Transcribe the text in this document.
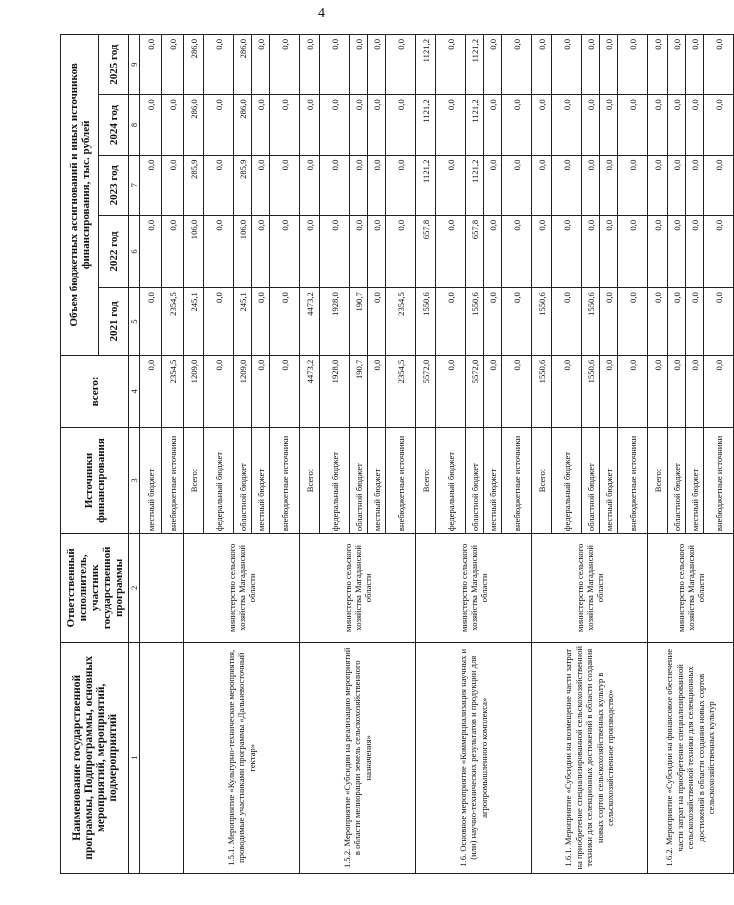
4
Наименование государственной программы, Подпрограммы, основных мероприятий, мероприятий, подмероприятий	Ответственный исполнитель, участник государственной программы	Источники финансирования	всего:	Объем бюджетных ассигнований и иных источников финансирования, тыс. рублей				
				2021 год	2022 год	2023 год	2024 год	2025 год
1	2	3	4	5	6	7	8	9
		местный бюджет	0,0	0,0	0,0	0,0	0,0	0,0
		внебюджетные источники	2354,5	2354,5	0,0	0,0	0,0	0,0
1.5.1. Мероприятие «Культурно-технические мероприятия, проводимые участниками программы «Дальневосточный гектар»	министерство сельского хозяйства Магаданской области	Всего:	1209,0	245,1	106,0	285,9	286,0	286,0
		федеральный бюджет	0,0	0,0	0,0	0,0	0,0	0,0
		областной бюджет	1209,0	245,1	106,0	285,9	286,0	286,0
		местный бюджет	0,0	0,0	0,0	0,0	0,0	0,0
		внебюджетные источники	0,0	0,0	0,0	0,0	0,0	0,0
1.5.2. Мероприятие «Субсидии на реализацию мероприятий в области мелиорации земель сельскохозяйственного назначения»	министерство сельского хозяйства Магаданской области	Всего:	4473,2	4473,2	0,0	0,0	0,0	0,0
		федеральный бюджет	1928,0	1928,0	0,0	0,0	0,0	0,0
		областной бюджет	190,7	190,7	0,0	0,0	0,0	0,0
		местный бюджет	0,0	0,0	0,0	0,0	0,0	0,0
		внебюджетные источники	2354,5	2354,5	0,0	0,0	0,0	0,0
1.6. Основное мероприятие «Коммерциализация научных и (или) научно-технических результатов и продукции для агропромышленного комплекса»	министерство сельского хозяйства Магаданской области	Всего:	5572,0	1550,6	657,8	1121,2	1121,2	1121,2
		федеральный бюджет	0,0	0,0	0,0	0,0	0,0	0,0
		областной бюджет	5572,0	1550,6	657,8	1121,2	1121,2	1121,2
		местный бюджет	0,0	0,0	0,0	0,0	0,0	0,0
		внебюджетные источники	0,0	0,0	0,0	0,0	0,0	0,0
1.6.1. Мероприятие «Субсидии на возмещение части затрат на приобретение специализированной сельскохозяйственной техники для селекционных достижений в области создания новых сортов сельскохозяйственных культур в сельскохозяйственное производство»	министерство сельского хозяйства Магаданской области	Всего:	1550,6	1550,6	0,0	0,0	0,0	0,0
		федеральный бюджет	0,0	0,0	0,0	0,0	0,0	0,0
		областной бюджет	1550,6	1550,6	0,0	0,0	0,0	0,0
		местный бюджет	0,0	0,0	0,0	0,0	0,0	0,0
		внебюджетные источники	0,0	0,0	0,0	0,0	0,0	0,0
1.6.2. Мероприятие «Субсидии на финансовое обеспечение части затрат на приобретение специализированной сельскохозяйственной техники для селекционных достижений в области создания новых сортов сельскохозяйственных культур	министерство сельского хозяйства Магаданской области	Всего:	0,0	0,0	0,0	0,0	0,0	0,0
		областной бюджет	0,0	0,0	0,0	0,0	0,0	0,0
		местный бюджет	0,0	0,0	0,0	0,0	0,0	0,0
		внебюджетные источники	0,0	0,0	0,0	0,0	0,0	0,0
